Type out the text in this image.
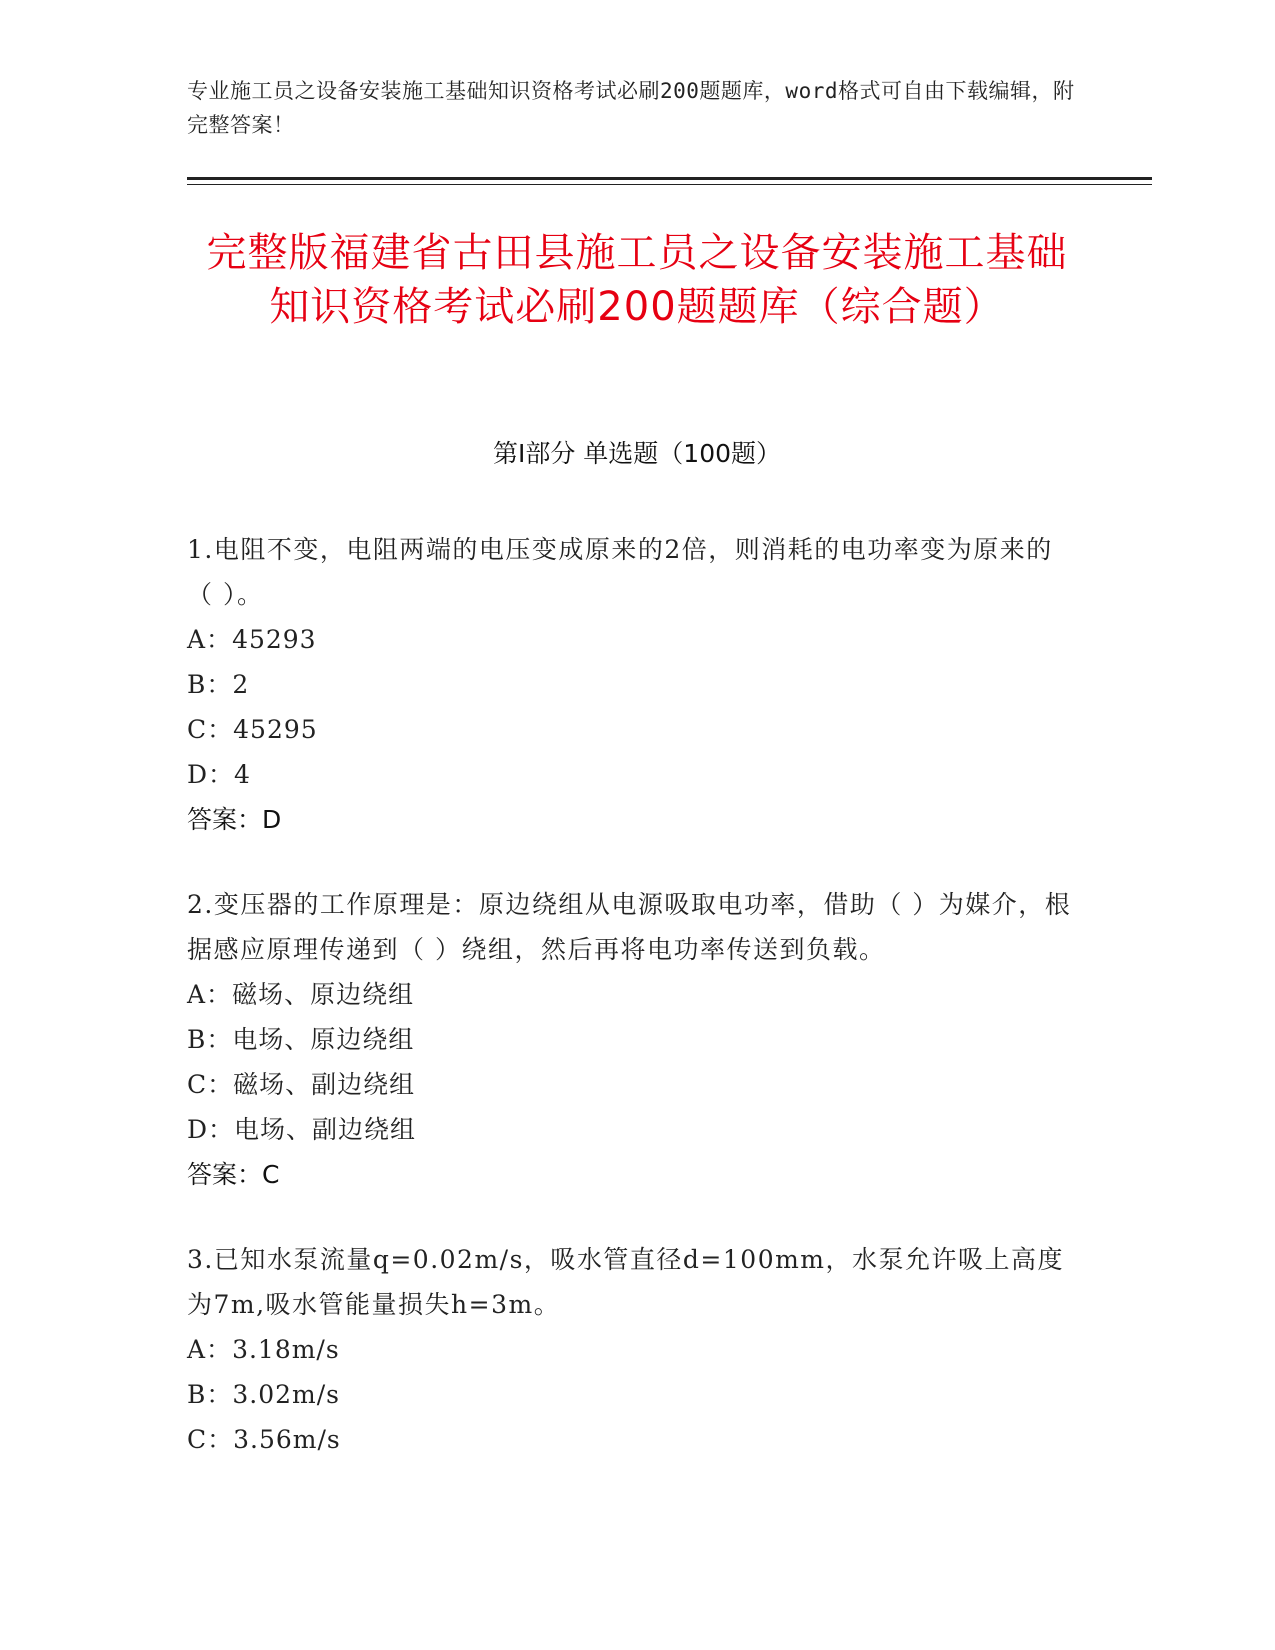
专业施工员之设备安装施工基础知识资格考试必刷200题题库，word格式可自由下载编辑，附完整答案！
完整版福建省古田县施工员之设备安装施工基础知识资格考试必刷200题题库（综合题）
第Ⅰ部分 单选题（100题）
1.电阻不变，电阻两端的电压变成原来的2倍，则消耗的电功率变为原来的（ ）。
A： 45293
B： 2
C： 45295
D： 4
答案：D
2.变压器的工作原理是：原边绕组从电源吸取电功率，借助（ ）为媒介，根据感应原理传递到（ ）绕组，然后再将电功率传送到负载。
A： 磁场、原边绕组
B： 电场、原边绕组
C： 磁场、副边绕组
D： 电场、副边绕组
答案：C
3.已知水泵流量q=0.02m/s，吸水管直径d=100mm，水泵允许吸上高度为7m,吸水管能量损失h=3m。
A： 3.18m/s
B： 3.02m/s
C： 3.56m/s
